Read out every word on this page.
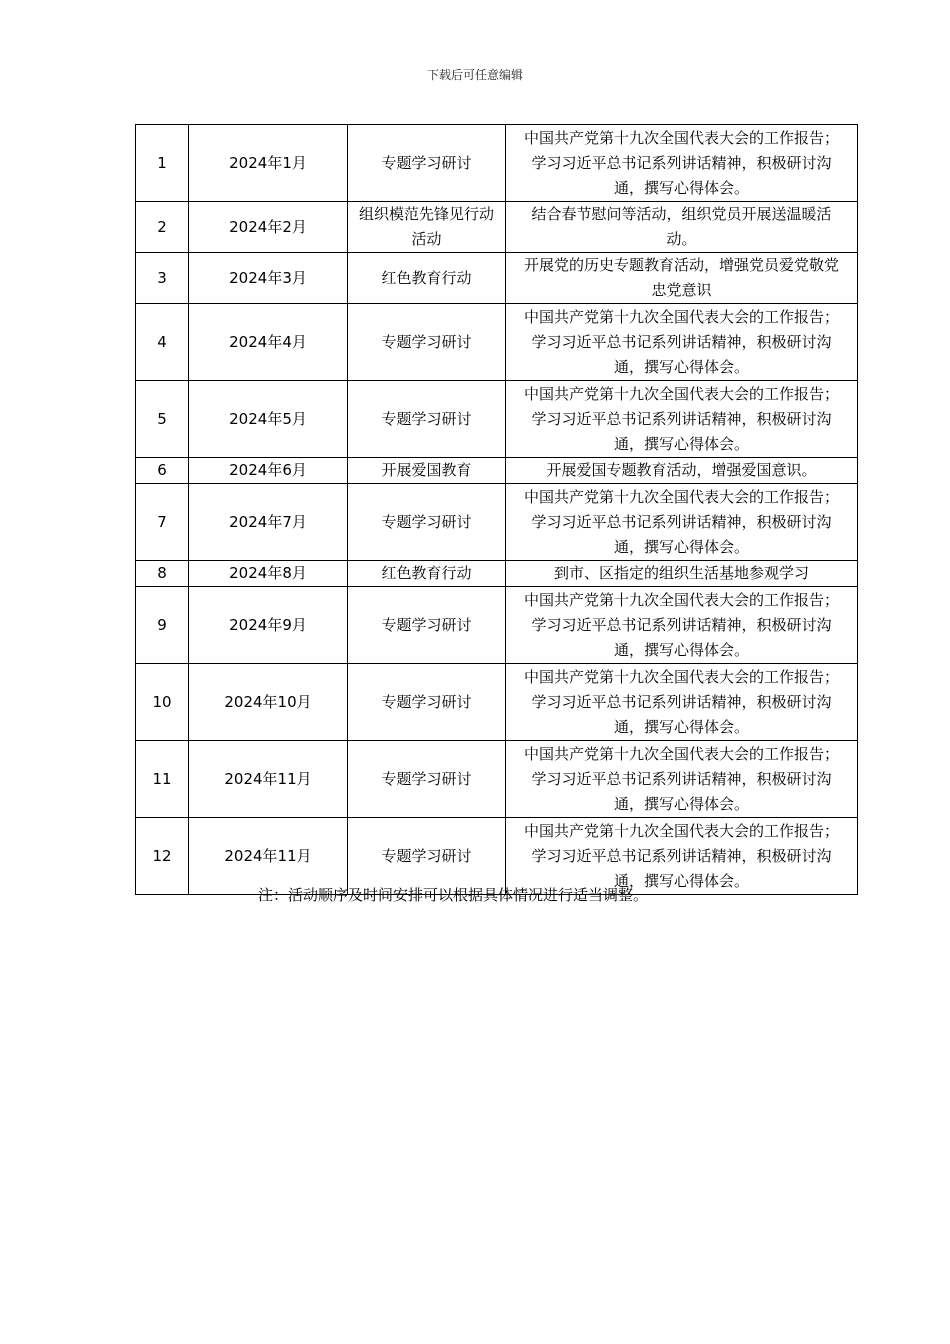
下载后可任意编辑
1	2024年1月	专题学习研讨	中国共产党第十九次全国代表大会的工作报告；学习习近平总书记系列讲话精神，积极研讨沟通，撰写心得体会。
2	2024年2月	组织模范先锋见行动活动	结合春节慰问等活动，组织党员开展送温暖活动。
3	2024年3月	红色教育行动	开展党的历史专题教育活动，增强党员爱党敬党忠党意识
4	2024年4月	专题学习研讨	中国共产党第十九次全国代表大会的工作报告；学习习近平总书记系列讲话精神，积极研讨沟通，撰写心得体会。
5	2024年5月	专题学习研讨	中国共产党第十九次全国代表大会的工作报告；学习习近平总书记系列讲话精神，积极研讨沟通，撰写心得体会。
6	2024年6月	开展爱国教育	开展爱国专题教育活动，增强爱国意识。
7	2024年7月	专题学习研讨	中国共产党第十九次全国代表大会的工作报告；学习习近平总书记系列讲话精神，积极研讨沟通，撰写心得体会。
8	2024年8月	红色教育行动	到市、区指定的组织生活基地参观学习
9	2024年9月	专题学习研讨	中国共产党第十九次全国代表大会的工作报告；学习习近平总书记系列讲话精神，积极研讨沟通，撰写心得体会。
10	2024年10月	专题学习研讨	中国共产党第十九次全国代表大会的工作报告；学习习近平总书记系列讲话精神，积极研讨沟通，撰写心得体会。
11	2024年11月	专题学习研讨	中国共产党第十九次全国代表大会的工作报告；学习习近平总书记系列讲话精神，积极研讨沟通，撰写心得体会。
12	2024年11月	专题学习研讨	中国共产党第十九次全国代表大会的工作报告；学习习近平总书记系列讲话精神，积极研讨沟通，撰写心得体会。
注：活动顺序及时间安排可以根据具体情况进行适当调整。
